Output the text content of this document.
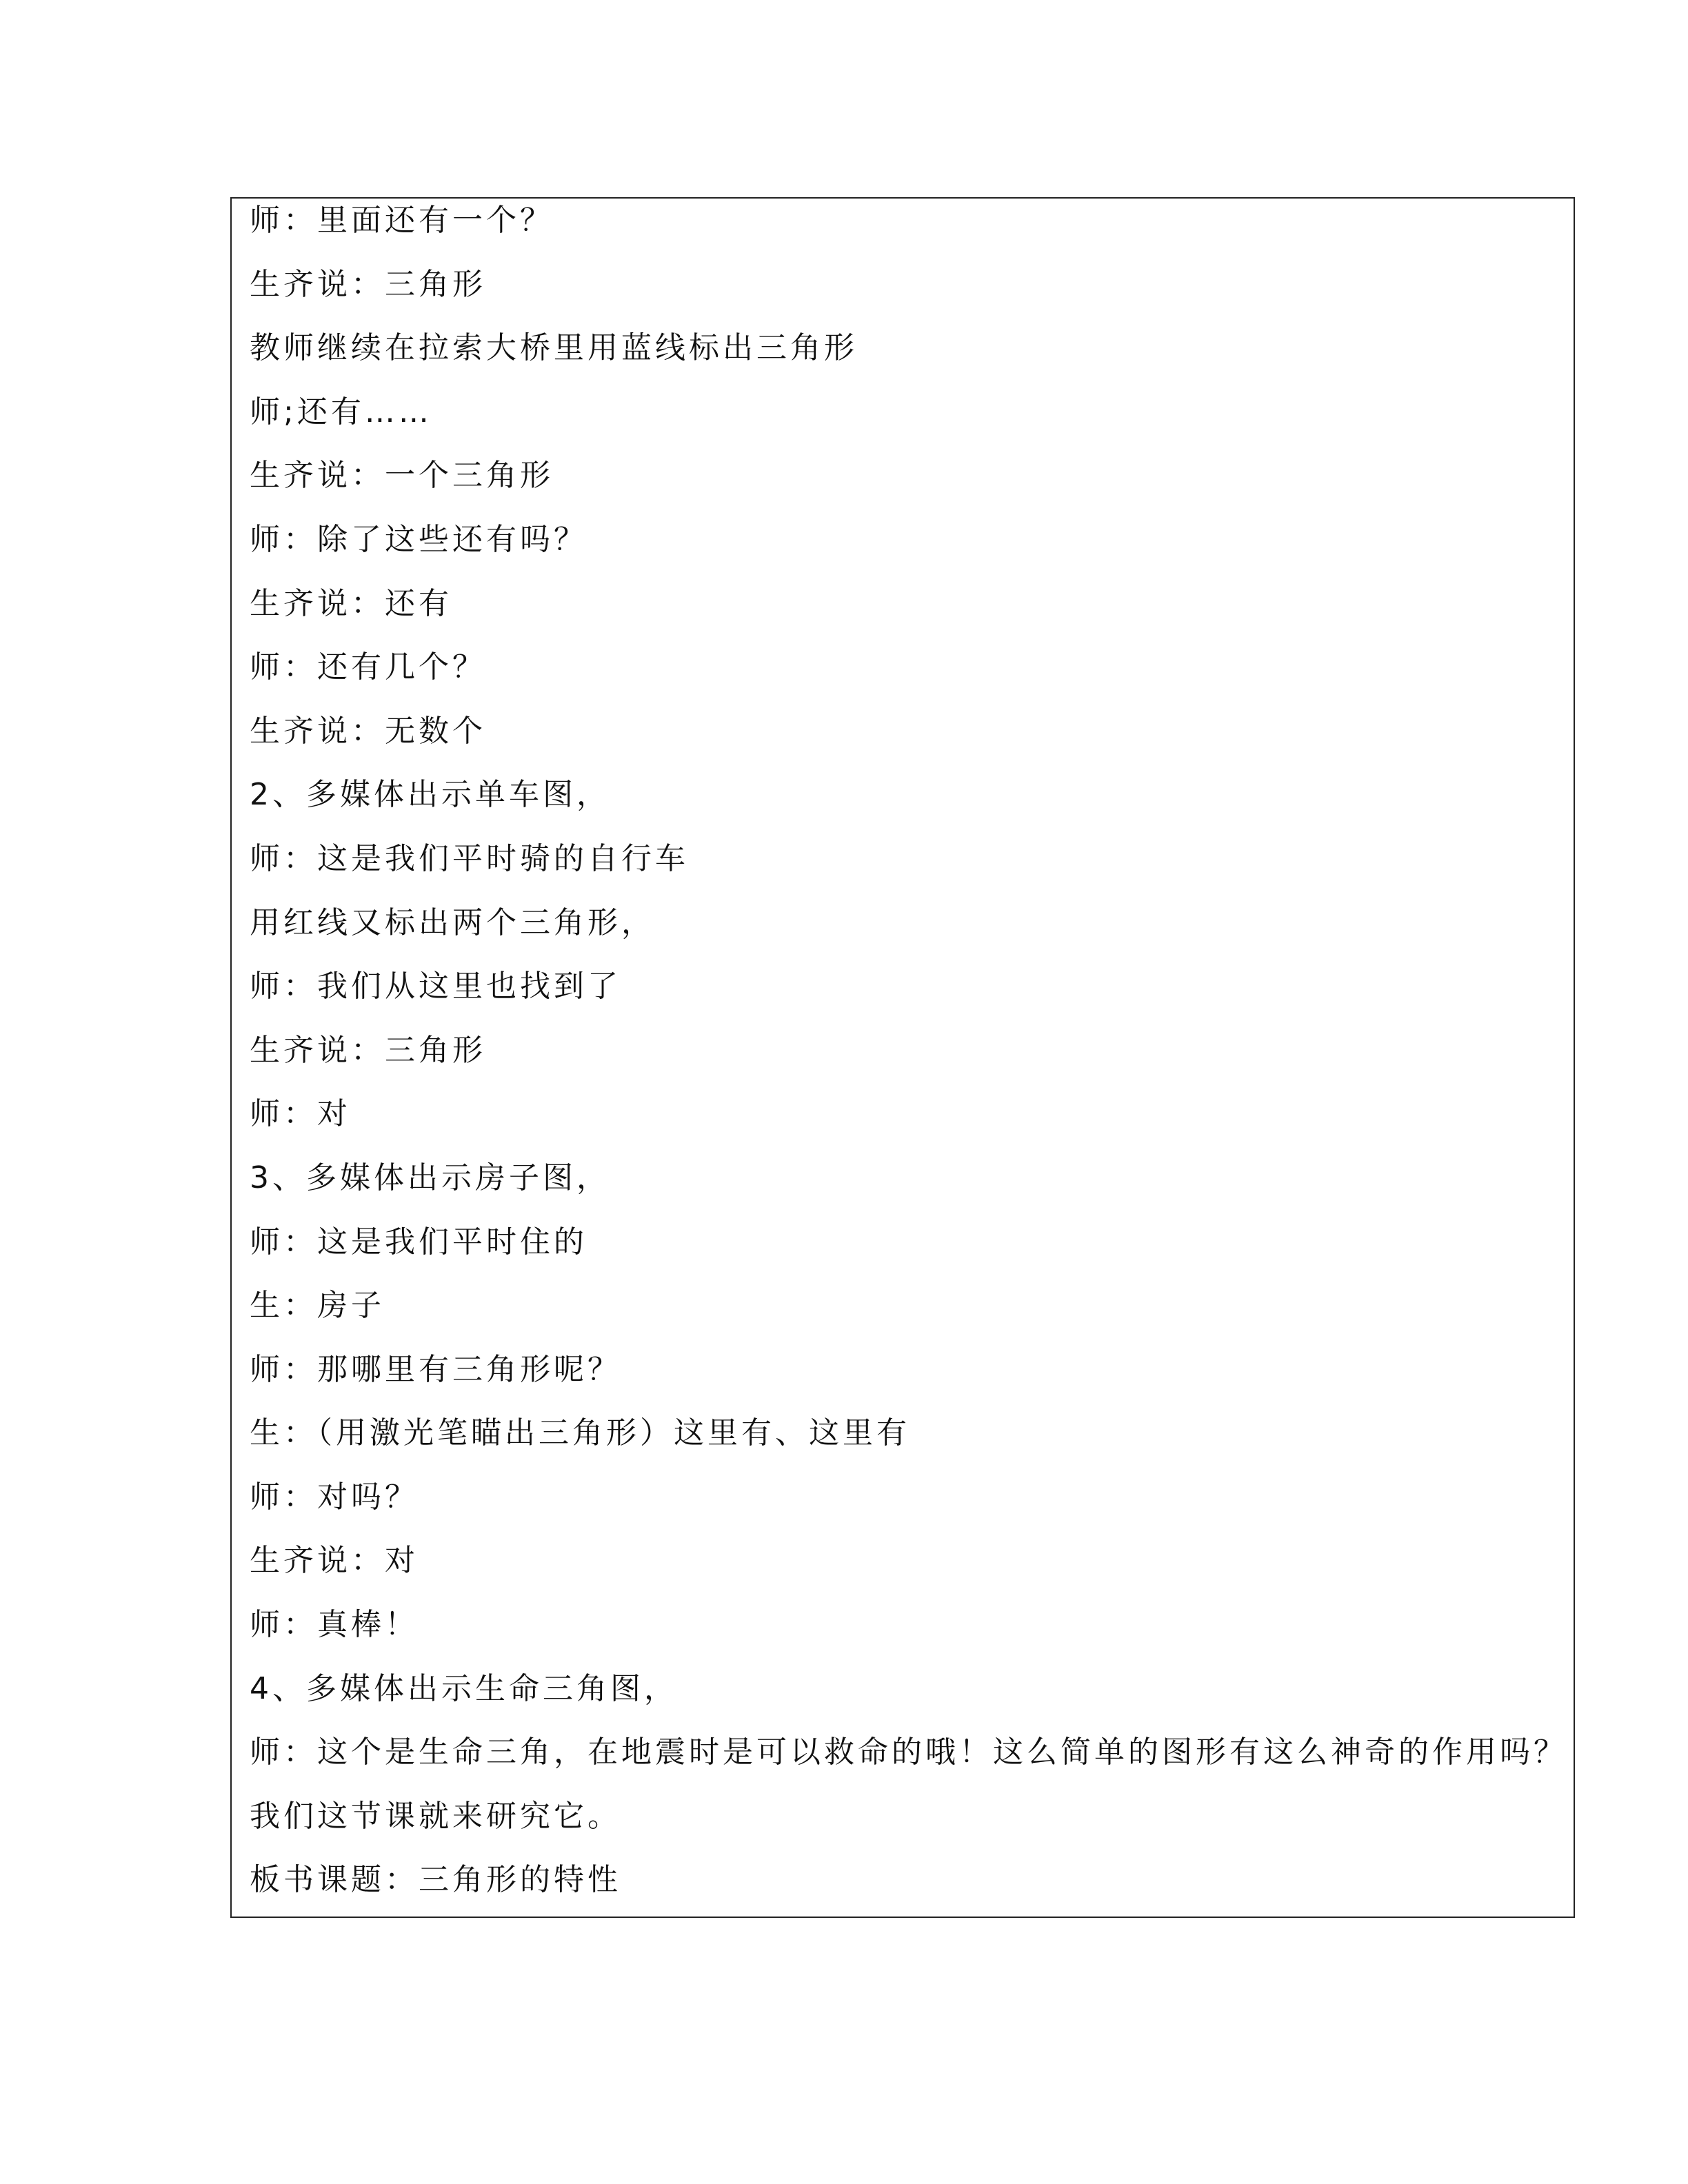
师：里面还有一个？
生齐说：三角形
教师继续在拉索大桥里用蓝线标出三角形
师;还有……
生齐说：一个三角形
师：除了这些还有吗？
生齐说：还有
师：还有几个？
生齐说：无数个
2、多媒体出示单车图，
师：这是我们平时骑的自行车
用红线又标出两个三角形，
师：我们从这里也找到了
生齐说：三角形
师：对
3、多媒体出示房子图，
师：这是我们平时住的
生：房子
师：那哪里有三角形呢？
生：（用激光笔瞄出三角形）这里有、这里有
师：对吗？
生齐说：对
师：真棒！
4、多媒体出示生命三角图，
师：这个是生命三角，在地震时是可以救命的哦！这么简单的图形有这么神奇的作用吗？
我们这节课就来研究它。
板书课题：三角形的特性
